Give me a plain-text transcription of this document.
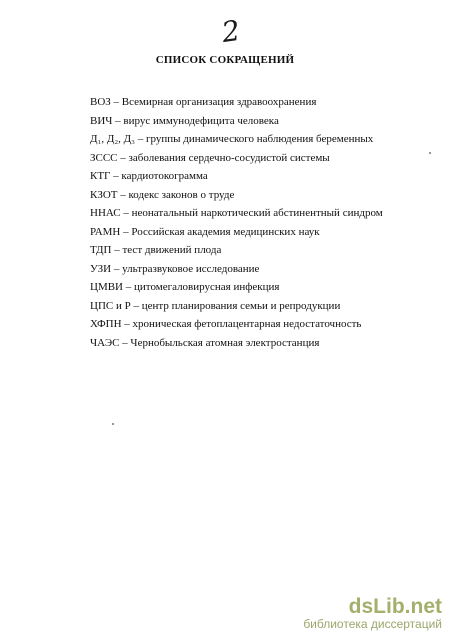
2
СПИСОК СОКРАЩЕНИЙ
ВОЗ – Всемирная организация здравоохранения
ВИЧ – вирус иммунодефицита человека
Д₁, Д₂, Д₃ – группы динамического наблюдения беременных
ЗССС – заболевания сердечно-сосудистой системы
КТГ – кардиотокограмма
КЗОТ – кодекс законов о труде
ННАС – неонатальный наркотический абстинентный синдром
РАМН – Российская академия медицинских наук
ТДП – тест движений плода
УЗИ – ультразвуковое исследование
ЦМВИ – цитомегаловирусная инфекция
ЦПС и Р – центр планирования семьи и репродукции
ХФПН – хроническая фетоплацентарная недостаточность
ЧАЭС – Чернобыльская атомная электростанция
dsLib.net
библиотека диссертаций
